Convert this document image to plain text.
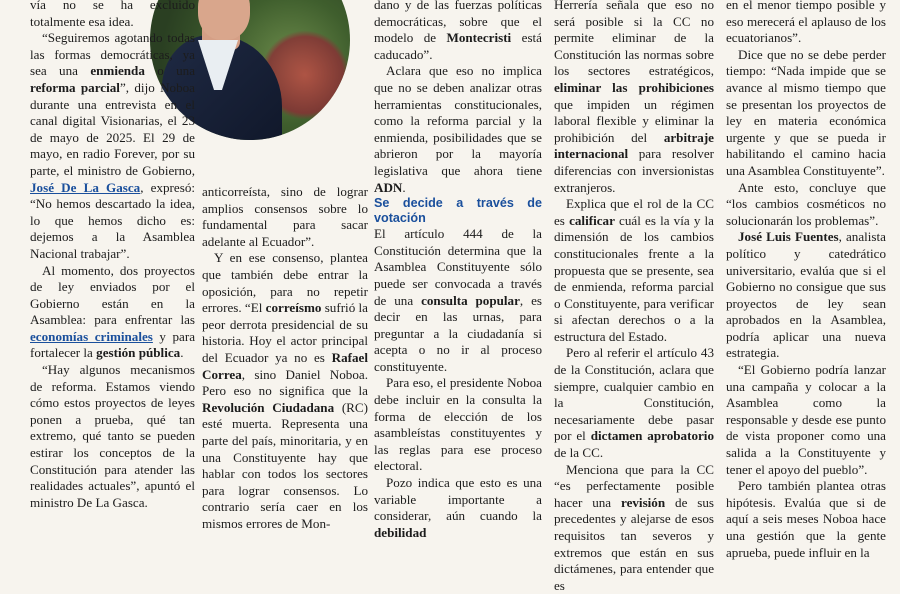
vía no se ha excluido totalmente esa idea.

“Seguiremos agotando todas las formas democráticas, ya sea una enmienda o una reforma parcial”, dijo Noboa durante una entrevista en el canal digital Visionarias, el 23 de mayo de 2025. El 29 de mayo, en radio Forever, por su parte, el ministro de Gobierno, José De La Gasca, expresó: “No hemos descartado la idea, lo que hemos dicho es: dejemos a la Asamblea Nacional trabajar”.

Al momento, dos proyectos de ley enviados por el Gobierno están en la Asamblea: para enfrentar las economías criminales y para fortalecer la gestión pública.

“Hay algunos mecanismos de reforma. Estamos viendo cómo estos proyectos de leyes ponen a prueba, qué tan extremo, qué tanto se pueden estirar los conceptos de la Constitución para atender las realidades actuales”, apuntó el ministro De La Gasca.

anticorreísta, sino de lograr amplios consensos sobre lo fundamental para sacar adelante al Ecuador”.

Y en ese consenso, plantea que también debe entrar la oposición, para no repetir errores. “El correísmo sufrió la peor derrota presidencial de su historia. Hoy el actor principal del Ecuador ya no es Rafael Correa, sino Daniel Noboa. Pero eso no significa que la Revolución Ciudadana (RC) esté muerta. Representa una parte del país, minoritaria, y en una Constituyente hay que hablar con todos los sectores para lograr consensos. Lo contrario sería caer en los mismos errores de Mon-

dano y de las fuerzas políticas democráticas, sobre que el modelo de Montecristi está caducado”.

Aclara que eso no implica que no se deben analizar otras herramientas constitucionales, como la reforma parcial y la enmienda, posibilidades que se abrieron por la mayoría legislativa que ahora tiene ADN.

Se decide a través de votación

El artículo 444 de la Constitución determina que la Asamblea Constituyente sólo puede ser convocada a través de una consulta popular, es decir en las urnas, para preguntar a la ciudadanía si acepta o no ir al proceso constituyente.

Para eso, el presidente Noboa debe incluir en la consulta la forma de elección de los asambleístas constituyentes y las reglas para ese proceso electoral.

Pozo indica que esto es una variable importante a considerar, aún cuando la debilidad

Herrería señala que eso no será posible si la CC no permite eliminar de la Constitución las normas sobre los sectores estratégicos, eliminar las prohibiciones que impiden un régimen laboral flexible y eliminar la prohibición del arbitraje internacional para resolver diferencias con inversionistas extranjeros.

Explica que el rol de la CC es calificar cuál es la vía y la dimensión de los cambios constitucionales frente a la propuesta que se presente, sea de enmienda, reforma parcial o Constituyente, para verificar si afectan derechos o a la estructura del Estado.

Pero al referir el artículo 43 de la Constitución, aclara que siempre, cualquier cambio en la Constitución, necesariamente debe pasar por el dictamen aprobatorio de la CC.

Menciona que para la CC “es perfectamente posible hacer una revisión de sus precedentes y alejarse de esos requisitos tan severos y extremos que están en sus dictámenes, para entender que es

en el menor tiempo posible y eso merecerá el aplauso de los ecuatorianos”.

Dice que no se debe perder tiempo: “Nada impide que se avance al mismo tiempo que se presentan los proyectos de ley en materia económica urgente y que se pueda ir habilitando el camino hacia una Asamblea Constituyente”.

Ante esto, concluye que “los cambios cosméticos no solucionarán los problemas”.

José Luis Fuentes, analista político y catedrático universitario, evalúa que si el Gobierno no consigue que sus proyectos de ley sean aprobados en la Asamblea, podría aplicar una nueva estrategia.

“El Gobierno podría lanzar una campaña y colocar a la Asamblea como la responsable y desde ese punto de vista proponer como una salida a la Constituyente y tener el apoyo del pueblo”.

Pero también plantea otras hipótesis. Evalúa que si de aquí a seis meses Noboa hace una gestión que la gente aprueba, puede influir en la
